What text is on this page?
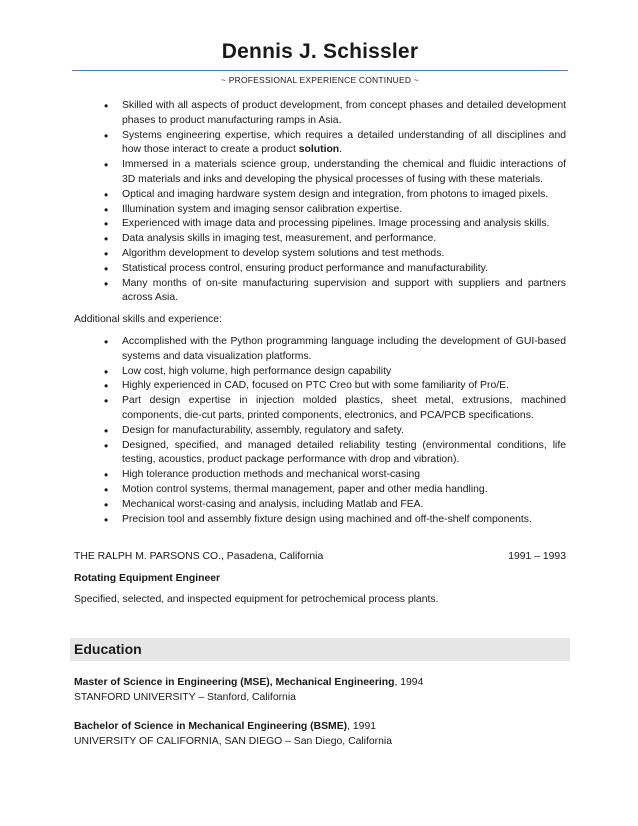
Dennis J. Schissler

~ PROFESSIONAL EXPERIENCE CONTINUED ~

• Skilled with all aspects of product development, from concept phases and detailed development phases to product manufacturing ramps in Asia.
• Systems engineering expertise, which requires a detailed understanding of all disciplines and how those interact to create a product solution.
• Immersed in a materials science group, understanding the chemical and fluidic interactions of 3D materials and inks and developing the physical processes of fusing with these materials.
• Optical and imaging hardware system design and integration, from photons to imaged pixels.
• Illumination system and imaging sensor calibration expertise.
• Experienced with image data and processing pipelines. Image processing and analysis skills.
• Data analysis skills in imaging test, measurement, and performance.
• Algorithm development to develop system solutions and test methods.
• Statistical process control, ensuring product performance and manufacturability.
• Many months of on-site manufacturing supervision and support with suppliers and partners across Asia.

Additional skills and experience:

• Accomplished with the Python programming language including the development of GUI-based systems and data visualization platforms.
• Low cost, high volume, high performance design capability
• Highly experienced in CAD, focused on PTC Creo but with some familiarity of Pro/E.
• Part design expertise in injection molded plastics, sheet metal, extrusions, machined components, die-cut parts, printed components, electronics, and PCA/PCB specifications.
• Design for manufacturability, assembly, regulatory and safety.
• Designed, specified, and managed detailed reliability testing (environmental conditions, life testing, acoustics, product package performance with drop and vibration).
• High tolerance production methods and mechanical worst-casing
• Motion control systems, thermal management, paper and other media handling.
• Mechanical worst-casing and analysis, including Matlab and FEA.
• Precision tool and assembly fixture design using machined and off-the-shelf components.
THE RALPH M. PARSONS CO., Pasadena, California	1991 – 1993

Rotating Equipment Engineer

Specified, selected, and inspected equipment for petrochemical process plants.

Education

Master of Science in Engineering (MSE), Mechanical Engineering, 1994

STANFORD UNIVERSITY – Stanford, California

Bachelor of Science in Mechanical Engineering (BSME), 1991

UNIVERSITY OF CALIFORNIA, SAN DIEGO – San Diego, California
